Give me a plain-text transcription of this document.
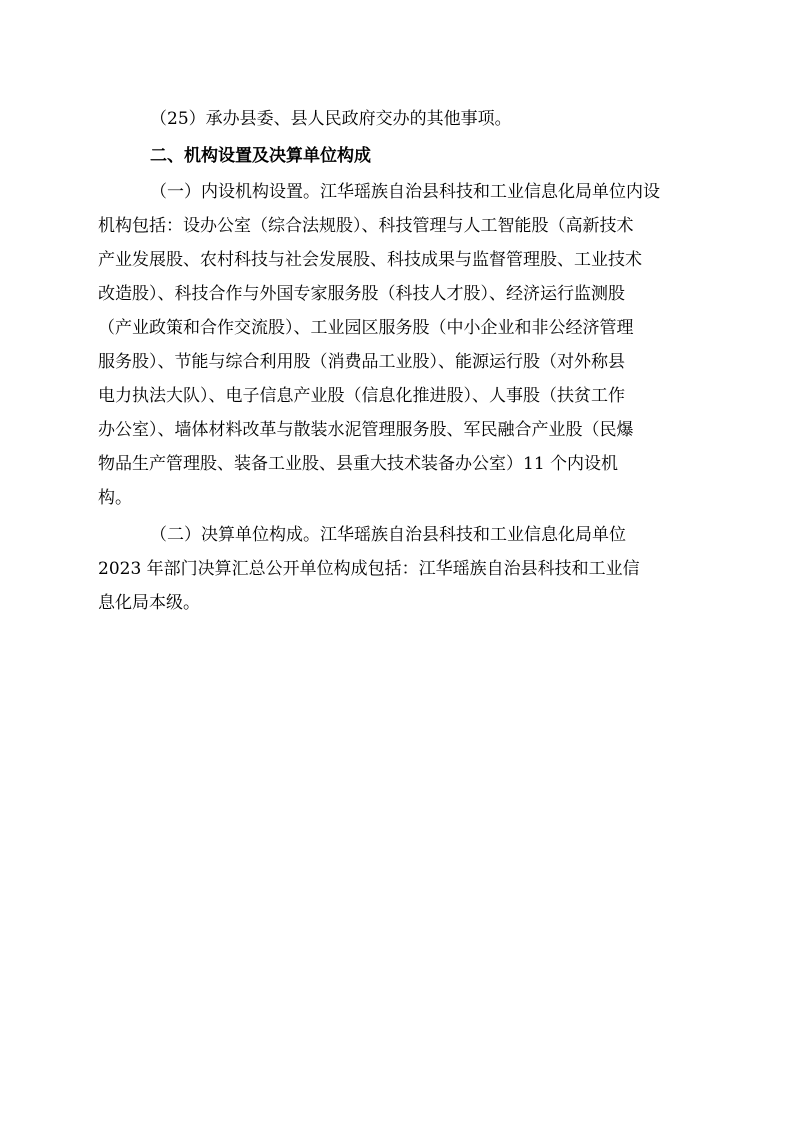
（25）承办县委、县人民政府交办的其他事项。
二、机构设置及决算单位构成
（一）内设机构设置。江华瑶族自治县科技和工业信息化局单位内设
机构包括：设办公室（综合法规股）、科技管理与人工智能股（高新技术
产业发展股、农村科技与社会发展股、科技成果与监督管理股、工业技术
改造股）、科技合作与外国专家服务股（科技人才股）、经济运行监测股
（产业政策和合作交流股）、工业园区服务股（中小企业和非公经济管理
服务股）、节能与综合利用股（消费品工业股）、能源运行股（对外称县
电力执法大队）、电子信息产业股（信息化推进股）、人事股（扶贫工作
办公室）、墙体材料改革与散装水泥管理服务股、军民融合产业股（民爆
物品生产管理股、装备工业股、县重大技术装备办公室）11 个内设机
构。
（二）决算单位构成。江华瑶族自治县科技和工业信息化局单位
2023 年部门决算汇总公开单位构成包括：江华瑶族自治县科技和工业信
息化局本级。
